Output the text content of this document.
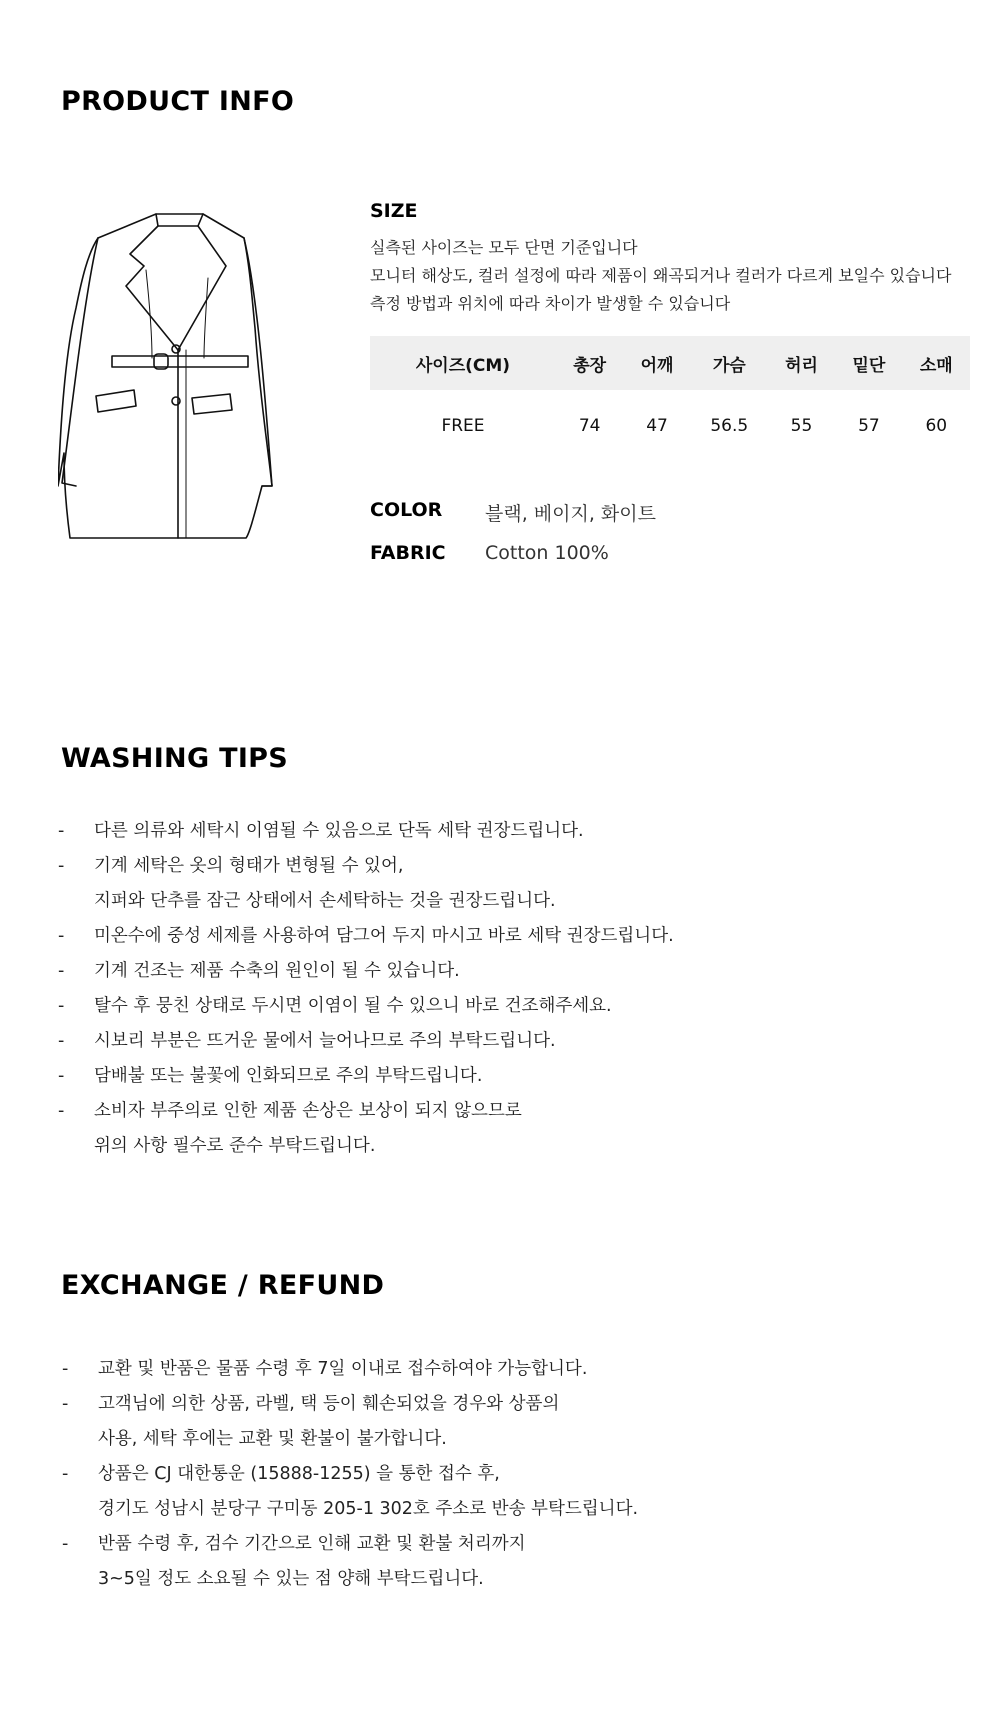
PRODUCT INFO
SIZE
실측된 사이즈는 모두 단면 기준입니다
모니터 해상도, 컬러 설정에 따라 제품이 왜곡되거나 컬러가 다르게 보일수 있습니다
측정 방법과 위치에 따라 차이가 발생할 수 있습니다
사이즈(CM)	총장	어깨	가슴	허리	밑단	소매
FREE	74	47	56.5	55	57	60
COLOR	블랙, 베이지, 화이트
FABRIC	Cotton 100%
WASHING TIPS
- 다른 의류와 세탁시 이염될 수 있음으로 단독 세탁 권장드립니다.
- 기계 세탁은 옷의 형태가 변형될 수 있어,
지퍼와 단추를 잠근 상태에서 손세탁하는 것을 권장드립니다.
- 미온수에 중성 세제를 사용하여 담그어 두지 마시고 바로 세탁 권장드립니다.
- 기계 건조는 제품 수축의 원인이 될 수 있습니다.
- 탈수 후 뭉친 상태로 두시면 이염이 될 수 있으니 바로 건조해주세요.
- 시보리 부분은 뜨거운 물에서 늘어나므로 주의 부탁드립니다.
- 담배불 또는 불꽃에 인화되므로 주의 부탁드립니다.
- 소비자 부주의로 인한 제품 손상은 보상이 되지 않으므로
위의 사항 필수로 준수 부탁드립니다.
EXCHANGE / REFUND
- 교환 및 반품은 물품 수령 후 7일 이내로 접수하여야 가능합니다.
- 고객님에 의한 상품, 라벨, 택 등이 훼손되었을 경우와 상품의
사용, 세탁 후에는 교환 및 환불이 불가합니다.
- 상품은 CJ 대한통운 (15888-1255) 을 통한 접수 후,
경기도 성남시 분당구 구미동 205-1 302호 주소로 반송 부탁드립니다.
- 반품 수령 후, 검수 기간으로 인해 교환 및 환불 처리까지
3~5일 정도 소요될 수 있는 점 양해 부탁드립니다.
